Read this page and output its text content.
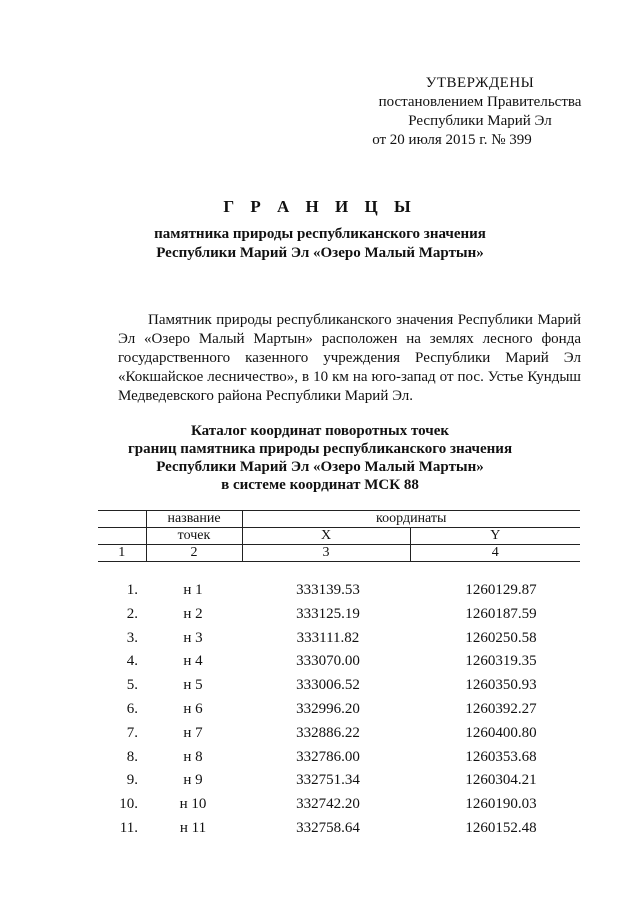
УТВЕРЖДЕНЫ
постановлением Правительства
Республики Марий Эл
от 20 июля 2015 г. № 399
Г Р А Н И Ц Ы
памятника природы республиканского значения
Республики Марий Эл «Озеро Малый Мартын»

Памятник природы республиканского значения Республики Марий Эл «Озеро Малый Мартын» расположен на землях лесного фонда государственного казенного учреждения Республики Марий Эл «Кокшайское лесничество», в 10 км на юго-запад от пос. Устье Кундыш Медведевского района Республики Марий Эл.

Каталог координат поворотных точек
границ памятника природы республиканского значения
Республики Марий Эл «Озеро Малый Мартын»
в системе координат МСК 88
	название	координаты	
	точек	X	Y
1	2	3	4
1.	н 1	333139.53	1260129.87
2.	н 2	333125.19	1260187.59
3.	н 3	333111.82	1260250.58
4.	н 4	333070.00	1260319.35
5.	н 5	333006.52	1260350.93
6.	н 6	332996.20	1260392.27
7.	н 7	332886.22	1260400.80
8.	н 8	332786.00	1260353.68
9.	н 9	332751.34	1260304.21
10.	н 10	332742.20	1260190.03
11.	н 11	332758.64	1260152.48
